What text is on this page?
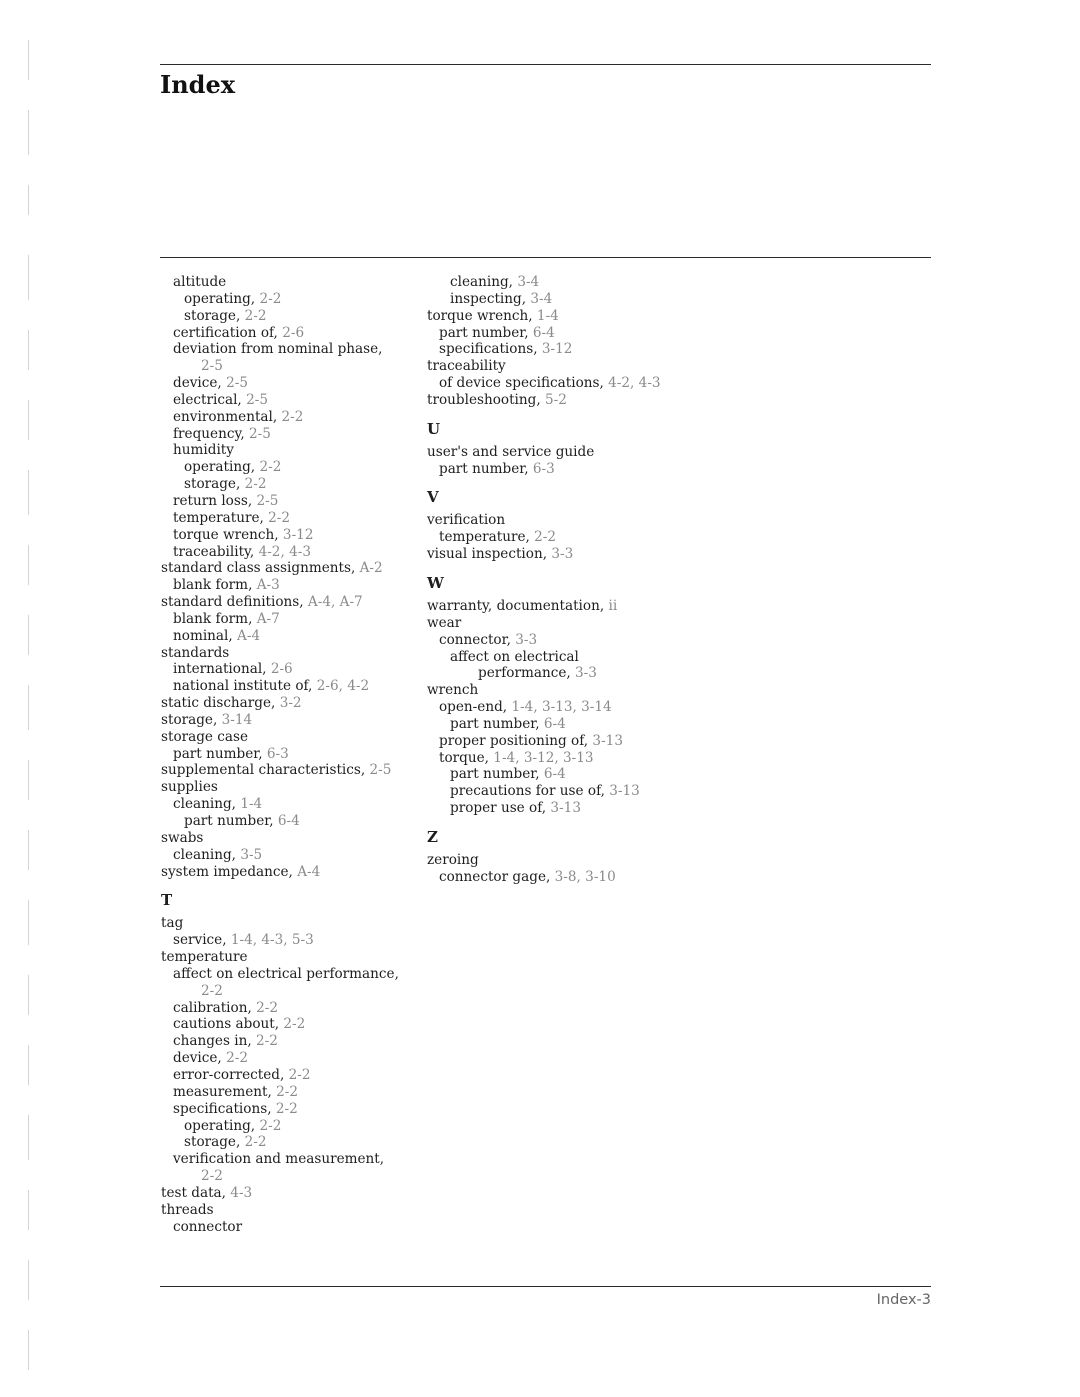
Index
altitude
operating, 2-2
storage, 2-2
certification of, 2-6
deviation from nominal phase,
2-5
device, 2-5
electrical, 2-5
environmental, 2-2
frequency, 2-5
humidity
operating, 2-2
storage, 2-2
return loss, 2-5
temperature, 2-2
torque wrench, 3-12
traceability, 4-2, 4-3
standard class assignments, A-2
blank form, A-3
standard definitions, A-4, A-7
blank form, A-7
nominal, A-4
standards
international, 2-6
national institute of, 2-6, 4-2
static discharge, 3-2
storage, 3-14
storage case
part number, 6-3
supplemental characteristics, 2-5
supplies
cleaning, 1-4
part number, 6-4
swabs
cleaning, 3-5
system impedance, A-4
T
tag
service, 1-4, 4-3, 5-3
temperature
affect on electrical performance,
2-2
calibration, 2-2
cautions about, 2-2
changes in, 2-2
device, 2-2
error-corrected, 2-2
measurement, 2-2
specifications, 2-2
operating, 2-2
storage, 2-2
verification and measurement,
2-2
test data, 4-3
threads
connector
cleaning, 3-4
inspecting, 3-4
torque wrench, 1-4
part number, 6-4
specifications, 3-12
traceability
of device specifications, 4-2, 4-3
troubleshooting, 5-2
U
user's and service guide
part number, 6-3
V
verification
temperature, 2-2
visual inspection, 3-3
W
warranty, documentation, ii
wear
connector, 3-3
affect on electrical
performance, 3-3
wrench
open-end, 1-4, 3-13, 3-14
part number, 6-4
proper positioning of, 3-13
torque, 1-4, 3-12, 3-13
part number, 6-4
precautions for use of, 3-13
proper use of, 3-13
Z
zeroing
connector gage, 3-8, 3-10
Index-3
